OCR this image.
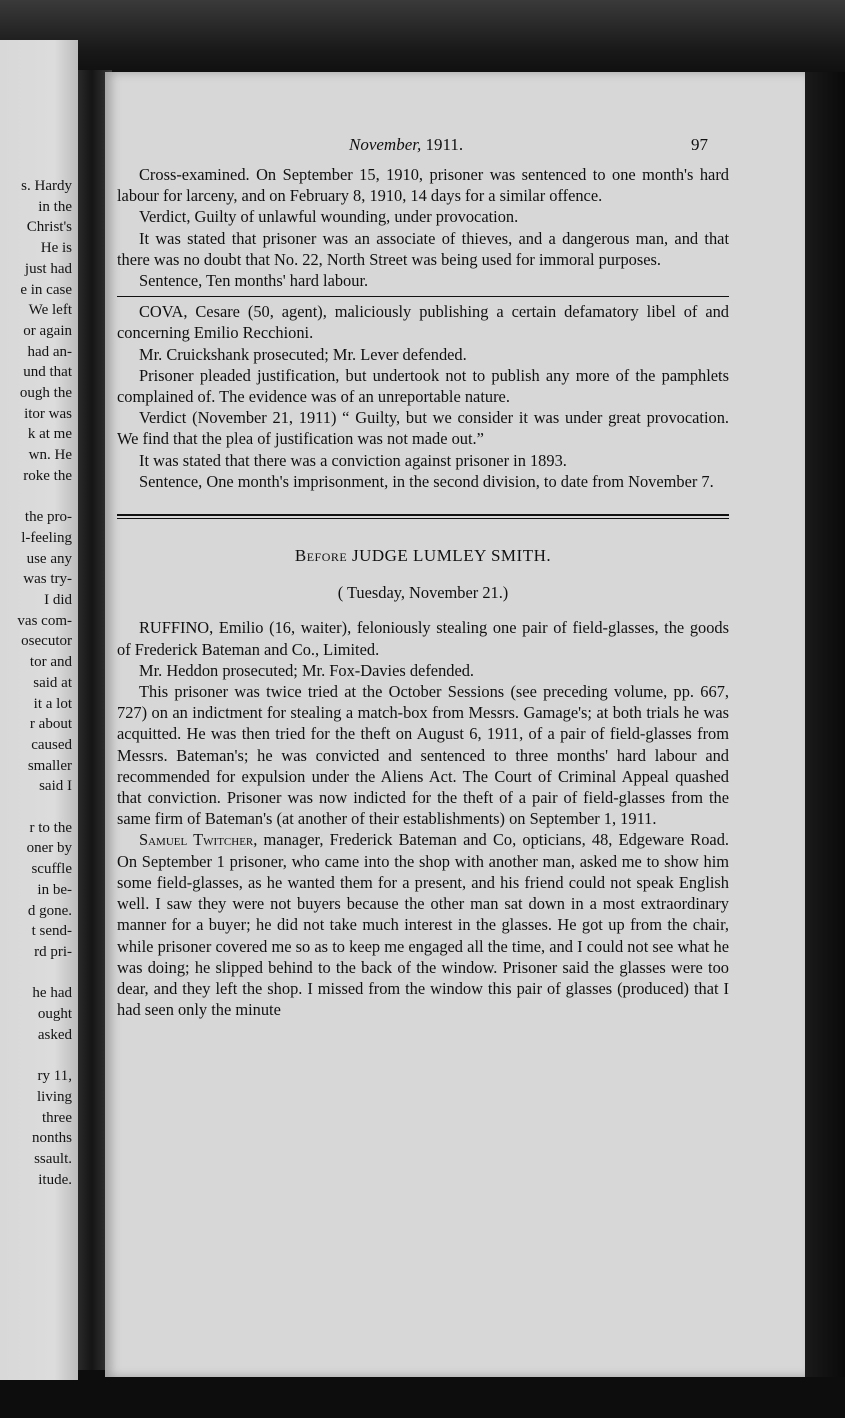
s. Hardy
in the
Christ's
He is
just had
e in case
We left
or again
had an-
und that
ough the
itor was
k at me
wn. He
roke the
the pro-
l-feeling
use any
was try-
I did
vas com-
osecutor
tor and
said at
it a lot
r about
caused
smaller
said I
r to the
oner by
scuffle
in be-
d gone.
t send-
rd pri-
he had
ought
asked
ry 11,
living
three
nonths
ssault.
itude.
November, 1911.	97

Cross-examined. On September 15, 1910, prisoner was sentenced to one month's hard labour for larceny, and on February 8, 1910, 14 days for a similar offence.

Verdict, Guilty of unlawful wounding, under provocation.

It was stated that prisoner was an associate of thieves, and a dangerous man, and that there was no doubt that No. 22, North Street was being used for immoral purposes.

Sentence, Ten months' hard labour.

COVA, Cesare (50, agent), maliciously publishing a certain defamatory libel of and concerning Emilio Recchioni.

Mr. Cruickshank prosecuted; Mr. Lever defended.

Prisoner pleaded justification, but undertook not to publish any more of the pamphlets complained of. The evidence was of an unreportable nature.

Verdict (November 21, 1911) “ Guilty, but we consider it was under great provocation. We find that the plea of justification was not made out.”

It was stated that there was a conviction against prisoner in 1893.

Sentence, One month's imprisonment, in the second division, to date from November 7.

Before JUDGE LUMLEY SMITH.
( Tuesday, November 21.)

RUFFINO, Emilio (16, waiter), feloniously stealing one pair of field-glasses, the goods of Frederick Bateman and Co., Limited.

Mr. Heddon prosecuted; Mr. Fox-Davies defended.

This prisoner was twice tried at the October Sessions (see preceding volume, pp. 667, 727) on an indictment for stealing a match-box from Messrs. Gamage's; at both trials he was acquitted. He was then tried for the theft on August 6, 1911, of a pair of field-glasses from Messrs. Bateman's; he was convicted and sentenced to three months' hard labour and recommended for expulsion under the Aliens Act. The Court of Criminal Appeal quashed that conviction. Prisoner was now indicted for the theft of a pair of field-glasses from the same firm of Bateman's (at another of their establishments) on September 1, 1911.

Samuel Twitcher, manager, Frederick Bateman and Co, opticians, 48, Edgeware Road. On September 1 prisoner, who came into the shop with another man, asked me to show him some field-glasses, as he wanted them for a present, and his friend could not speak English well. I saw they were not buyers because the other man sat down in a most extraordinary manner for a buyer; he did not take much interest in the glasses. He got up from the chair, while prisoner covered me so as to keep me engaged all the time, and I could not see what he was doing; he slipped behind to the back of the window. Prisoner said the glasses were too dear, and they left the shop. I missed from the window this pair of glasses (produced) that I had seen only the minute
